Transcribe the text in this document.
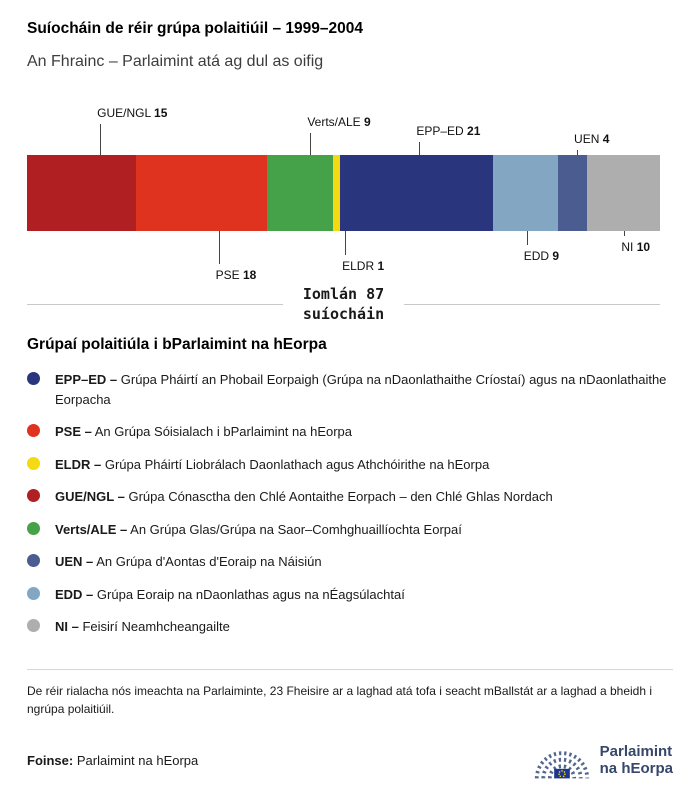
Suíocháin de réir grúpa polaitiúil – 1999–2004
An Fhrainc – Parlaimint atá ag dul as oifig
GUE/NGL 15
Verts/ALE 9
EPP–ED 21
UEN 4
PSE 18
ELDR 1
EDD 9
NI 10
Iomlán 87
suíocháin
Grúpaí polaitiúla i bParlaimint na hEorpa
EPP–ED – Grúpa Pháirtí an Phobail Eorpaigh (Grúpa na nDaonlathaithe Críostaí) agus na nDaonlathaithe Eorpacha
PSE – An Grúpa Sóisialach i bParlaimint na hEorpa
ELDR – Grúpa Pháirtí Liobrálach Daonlathach agus Athchóirithe na hEorpa
GUE/NGL – Grúpa Cónasctha den Chlé Aontaithe Eorpach – den Chlé Ghlas Nordach
Verts/ALE – An Grúpa Glas/Grúpa na Saor–Comhghuaillíochta Eorpaí
UEN – An Grúpa d'Aontas d'Eoraip na Náisiún
EDD – Grúpa Eoraip na nDaonlathas agus na nÉagsúlachtaí
NI – Feisirí Neamhcheangailte

De réir rialacha nós imeachta na Parlaiminte, 23 Fheisire ar a laghad atá tofa i seacht mBallstát ar a laghad a bheidh i ngrúpa polaitiúil.

Foinse: Parlaimint na hEorpa
Parlaimint
na hEorpa
